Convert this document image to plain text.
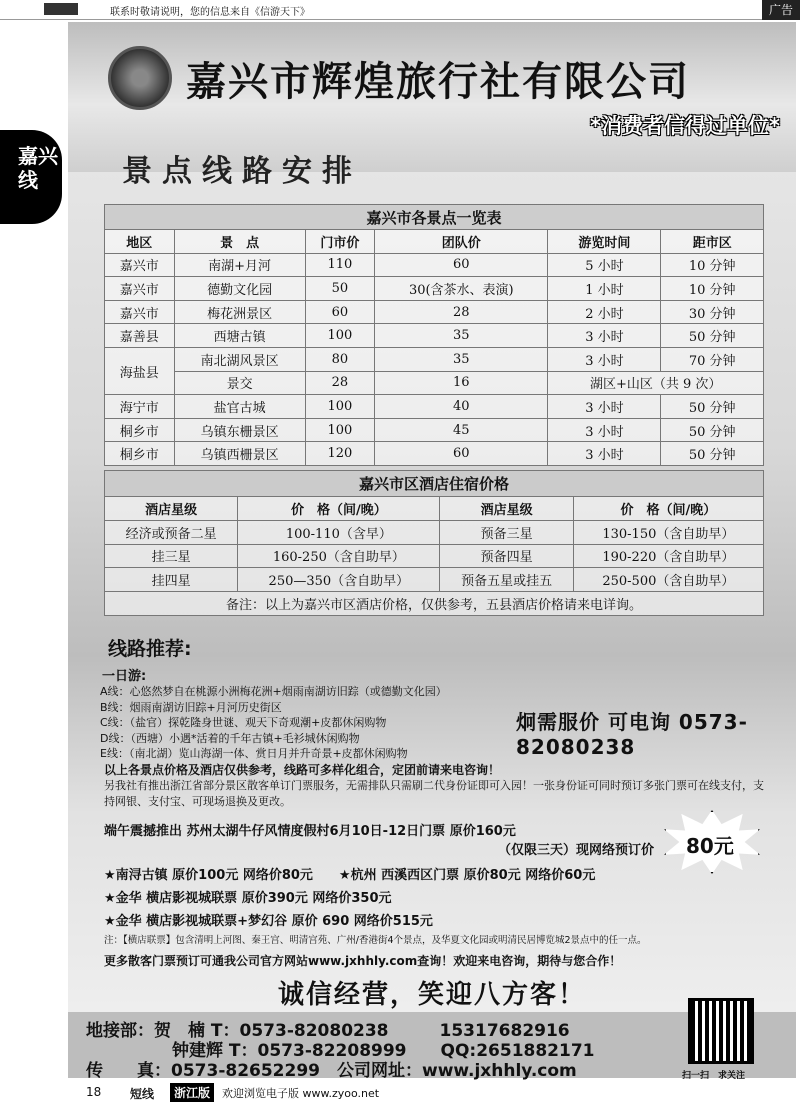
联系时敬请说明，您的信息来自《信游天下》	广告
嘉兴线
嘉兴市辉煌旅行社有限公司
*消费者信得过单位*
景点线路安排
嘉兴市各景点一览表					
地区	景　点	门市价	团队价	游览时间	距市区
嘉兴市	南湖+月河	110	60	5 小时	10 分钟
嘉兴市	德勤文化园	50	30(含茶水、表演)	1 小时	10 分钟
嘉兴市	梅花洲景区	60	28	2 小时	30 分钟
嘉善县	西塘古镇	100	35	3 小时	50 分钟
海盐县	南北湖风景区	80	35	3 小时	70 分钟
	景交	28	16	湖区+山区（共 9 次）	
海宁市	盐官古城	100	40	3 小时	50 分钟
桐乡市	乌镇东栅景区	100	45	3 小时	50 分钟
桐乡市	乌镇西栅景区	120	60	3 小时	50 分钟
嘉兴市区酒店住宿价格			
酒店星级	价　格（间/晚）	酒店星级	价　格（间/晚）
经济或预备二星	100-110（含早）	预备三星	130-150（含自助早）
挂三星	160-250（含自助早）	预备四星	190-220（含自助早）
挂四星	250—350（含自助早）	预备五星或挂五	250-500（含自助早）
备注：以上为嘉兴市区酒店价格，仅供参考，五县酒店价格请来电详询。			
线路推荐:
一日游:
A线：心悠然梦自在桃源小洲梅花洲+烟雨南湖访旧踪（或德勤文化园）
B线：烟雨南湖访旧踪+月河历史街区
C线：（盐官）探乾隆身世谜、观天下奇观潮+皮都休闲购物
D线：（西塘）小遇*活着的千年古镇+毛衫城休闲购物
E线：（南北湖）览山海湖一体、赏日月并升奇景+皮都休闲购物
炯需服价 可电询 0573-82080238
以上各景点价格及酒店仅供参考，线路可多样化组合，定团前请来电咨询！
另我社有推出浙江省部分景区散客单订门票服务，无需排队只需刷二代身份证即可入园！一张身份证可同时预订多张门票可在线支付，支持网银、支付宝、可现场退换及更改。
端午震撼推出 苏州太湖牛仔风情度假村6月10日-12日门票 原价160元
（仅限三天）现网络预订价	80元
★南浔古镇 原价100元 网络价80元　　★杭州 西溪西区门票 原价80元 网络价60元
★金华 横店影视城联票 原价390元 网络价350元
★金华 横店影视城联票+梦幻谷 原价 690 网络价515元
注：【横店联票】包含清明上河图、秦王宫、明清宫苑、广州/香港街4个景点，及华夏文化园或明清民居博览城2景点中的任一点。
更多散客门票预订可通我公司官方网站www.jxhhly.com查询！欢迎来电咨询，期待与您合作！
诚信经营，笑迎八方客！
地接部：贺　楠 T：0573-82080238　　　15317682916
钟建辉 T：0573-82208999　　QQ:2651882171
传　　真：0573-82652299　公司网址：www.jxhhly.com	扫一扫　求关注
18 短线	浙江版	欢迎浏览电子版 www.zyoo.net
